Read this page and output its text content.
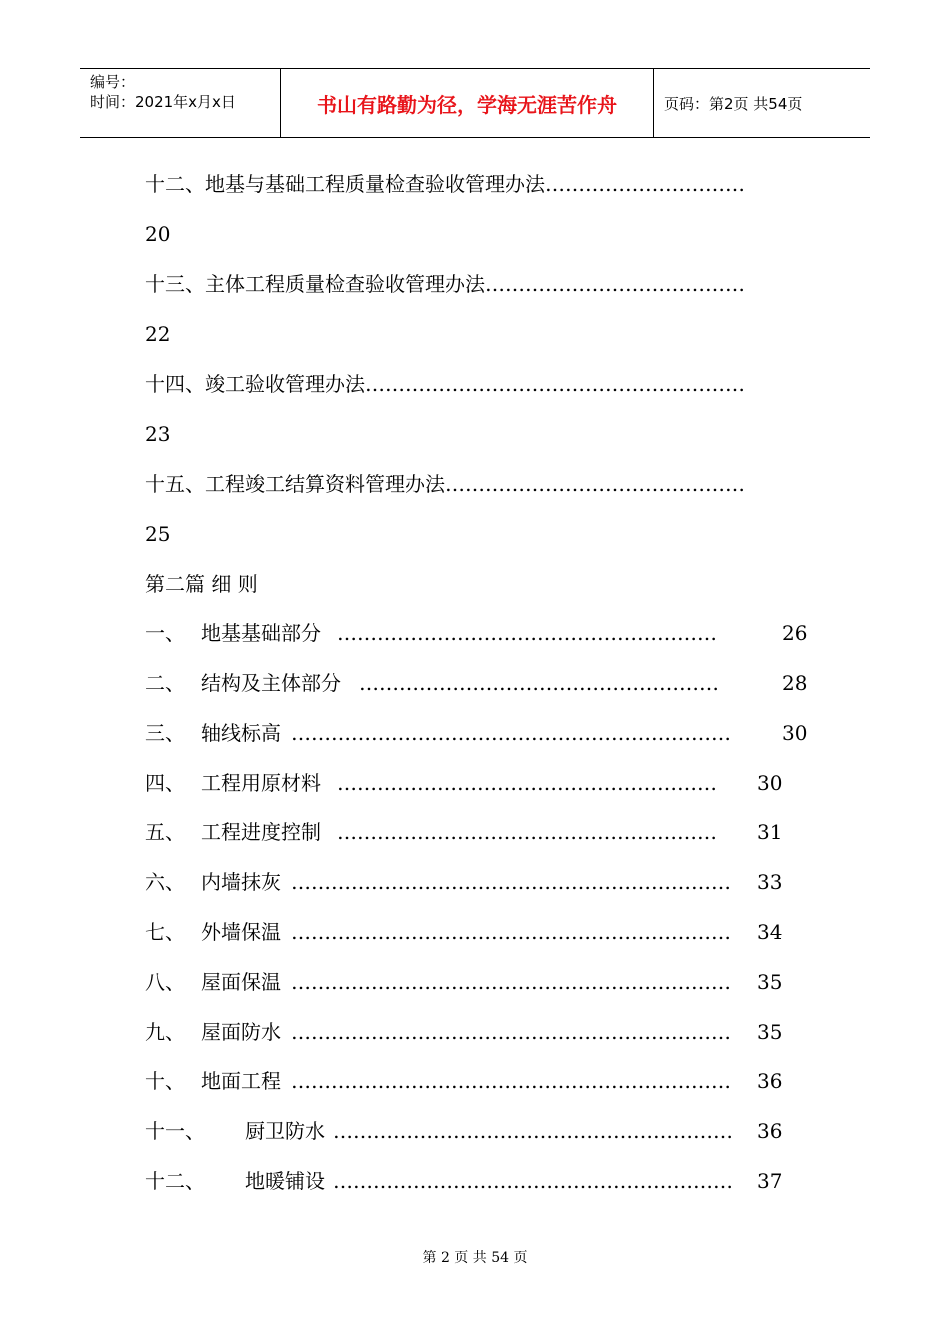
编号：
时间：2021年x月x日	书山有路勤为径，学海无涯苦作舟	页码：第2页 共54页
十二、地基与基础工程质量检查验收管理办法…………………………
20
十三、主体工程质量检查验收管理办法…………………………………
22
十四、竣工验收管理办法…………………………………………………
23
十五、工程竣工结算资料管理办法………………………………………
25
第二篇 细 则
一、 地基基础部分 …………………………………………………	26
二、 结构及主体部分 ………………………………………………	28
三、 轴线标高 …………………………………………………………	30
四、 工程用原材料 …………………………………………………	30
五、 工程进度控制 …………………………………………………	31
六、 内墙抹灰 …………………………………………………………	33
七、 外墙保温 …………………………………………………………	34
八、 屋面保温 …………………………………………………………	35
九、 屋面防水 …………………………………………………………	35
十、 地面工程 …………………………………………………………	36
十一、 厨卫防水 ……………………………………………………	36
十二、 地暖铺设 ……………………………………………………	37
第 2 页 共 54 页
